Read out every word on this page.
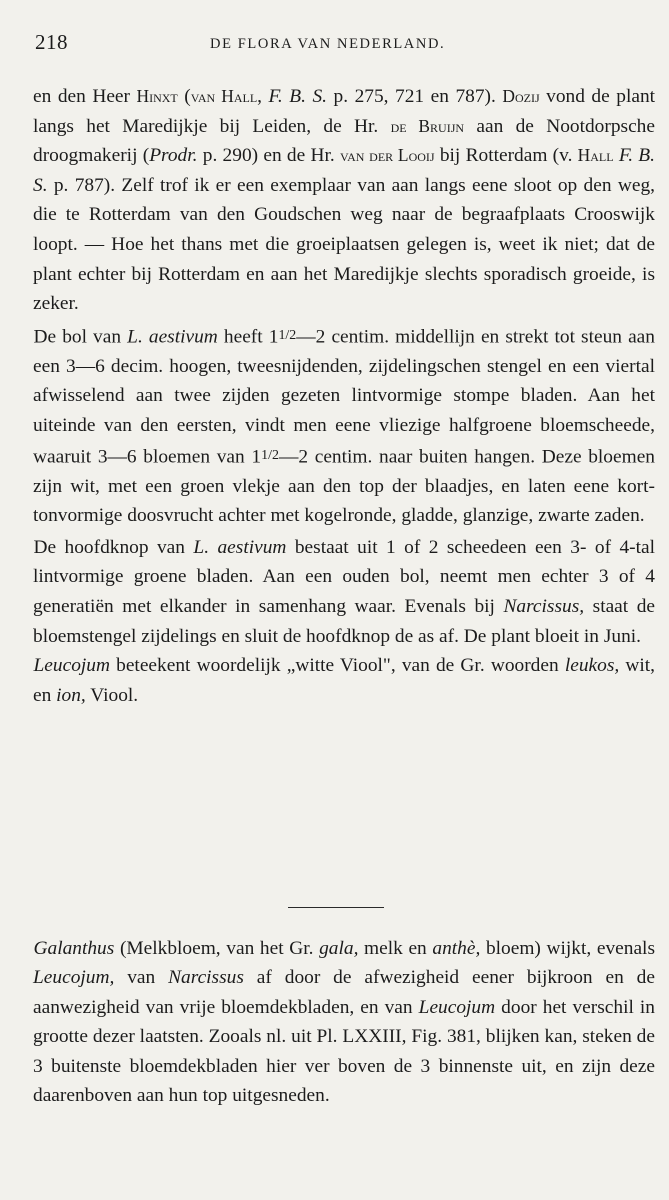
218	DE FLORA VAN NEDERLAND.

en den Heer Hinxt (van Hall, F. B. S. p. 275, 721 en 787). Dozij vond de plant langs het Maredijkje bij Leiden, de Hr. de Bruijn aan de Nootdorpsche droogmakerij (Prodr. p. 290) en de Hr. van der Looij bij Rotterdam (v. Hall F. B. S. p. 787). Zelf trof ik er een exemplaar van aan langs eene sloot op den weg, die te Rotterdam van den Goudschen weg naar de begraafplaats Crooswijk loopt. — Hoe het thans met die groeiplaatsen gelegen is, weet ik niet; dat de plant echter bij Rotterdam en aan het Maredijkje slechts sporadisch groeide, is zeker.

De bol van L. aestivum heeft 11/2—2 centim. middellijn en strekt tot steun aan een 3—6 decim. hoogen, tweesnijdenden, zijdelingschen stengel en een viertal afwisselend aan twee zijden gezeten lintvormige stompe bladen. Aan het uiteinde van den eersten, vindt men eene vliezige halfgroene bloemscheede, waaruit 3—6 bloemen van 11/2—2 centim. naar buiten hangen. Deze bloemen zijn wit, met een groen vlekje aan den top der blaadjes, en laten eene kort-tonvormige doosvrucht achter met kogelronde, gladde, glanzige, zwarte zaden.

De hoofdknop van L. aestivum bestaat uit 1 of 2 scheedeen een 3- of 4-tal lintvormige groene bladen. Aan een ouden bol, neemt men echter 3 of 4 generatiën met elkander in samenhang waar. Evenals bij Narcissus, staat de bloemstengel zijdelings en sluit de hoofdknop de as af. De plant bloeit in Juni.

Leucojum beteekent woordelijk „witte Viool", van de Gr. woorden leukos, wit, en ion, Viool.

Galanthus (Melkbloem, van het Gr. gala, melk en anthè, bloem) wijkt, evenals Leucojum, van Narcissus af door de afwezigheid eener bijkroon en de aanwezigheid van vrije bloemdekbladen, en van Leucojum door het verschil in grootte dezer laatsten. Zooals nl. uit Pl. LXXIII, Fig. 381, blijken kan, steken de 3 buitenste bloemdekbladen hier ver boven de 3 binnenste uit, en zijn deze daarenboven aan hun top uitgesneden.
